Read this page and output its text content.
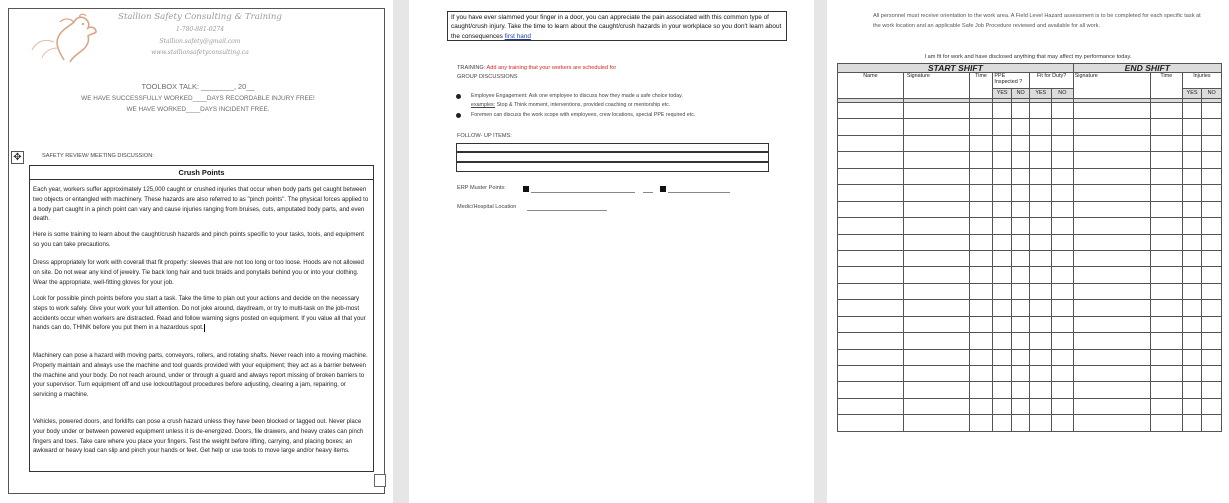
Stallion Safety Consulting & Training
1-780-881-0274
Stallion.safety@gmail.com
www.stallionsafetyconsulting.ca
TOOLBOX TALK: ________, 20__
WE HAVE SUCCESSFULLY WORKED____DAYS RECORDABLE INJURY FREE!
WE HAVE WORKED____DAYS INCIDENT FREE.
✥	SAFETY REVIEW/ MEETING DISCUSSION:
Crush Points
Each year, workers suffer approximately 125,000 caught or crushed injuries that occur when body parts get caught between two objects or entangled with machinery. These hazards are also referred to as "pinch points". The physical forces applied to a body part caught in a pinch point can vary and cause injuries ranging from bruises, cuts, amputated body parts, and even death.
Here is some training to learn about the caught/crush hazards and pinch points specific to your tasks, tools, and equipment so you can take precautions.
Dress appropriately for work with coverall that fit properly: sleeves that are not too long or too loose. Hoods are not allowed on site. Do not wear any kind of jewelry. Tie back long hair and tuck braids and ponytails behind you or into your clothing. Wear the appropriate, well-fitting gloves for your job.
Look for possible pinch points before you start a task. Take the time to plan out your actions and decide on the necessary steps to work safely. Give your work your full attention. Do not joke around, daydream, or try to multi-task on the job-most accidents occur when workers are distracted. Read and follow warning signs posted on equipment. If you value all that your hands can do, THINK before you put them in a hazardous spot.
Machinery can pose a hazard with moving parts, conveyors, rollers, and rotating shafts. Never reach into a moving machine. Properly maintain and always use the machine and tool guards provided with your equipment; they act as a barrier between the machine and your body. Do not reach around, under or through a guard and always report missing of broken barriers to your supervisor. Turn equipment off and use lockout/tagout procedures before adjusting, clearing a jam, repairing, or servicing a machine.
Vehicles, powered doors, and forklifts can pose a crush hazard unless they have been blocked or tagged out. Never place your body under or between powered equipment unless it is de-energized. Doors, file drawers, and heavy crates can pinch fingers and toes. Take care where you place your fingers. Test the weight before lifting, carrying, and placing boxes; an awkward or heavy load can slip and pinch your hands or feet. Get help or use tools to move large and/or heavy items.
If you have ever slammed your finger in a door, you can appreciate the pain associated with this common type of caught/crush injury. Take the time to learn about the caught/crush hazards in your workplace so you don't learn about the consequences first hand
TRAINING: Add any training that your workers are scheduled for
GROUP DISCUSSIONS
Employee Engagement: Ask one employee to discuss how they made a safe choice today.
examples: Stop & Think moment, interventions, provided coaching or mentorship etc.
Foremen can discuss the work scope with employees, crew locations, special PPE required etc.
FOLLOW- UP ITEMS:
ERP Muster Points:
Medic/Hospital Location
All personnel must receive orientation to the work area. A Field Level Hazard assessment is to be completed for each specific task at the work location and an applicable Safe Job Procedure reviewed and available for all work.
I am fit for work and have disclosed anything that may affect my performance today.
START SHIFT							END SHIFT			
Name	Signature	Time	PPE Inspected ?		Fit for Duty?		Signature	Time	Injuries	
			YES	NO	YES	NO			YES	NO
